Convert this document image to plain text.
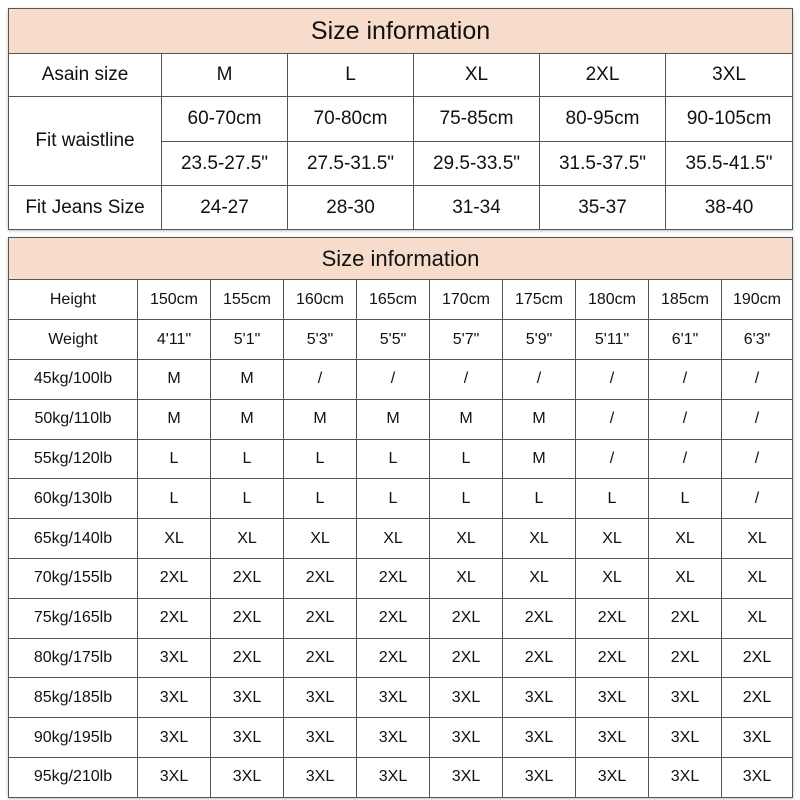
Size information					
Asain size	M	L	XL	2XL	3XL
Fit waistline	60-70cm	70-80cm	75-85cm	80-95cm	90-105cm
	23.5-27.5"	27.5-31.5"	29.5-33.5"	31.5-37.5"	35.5-41.5"
Fit Jeans Size	24-27	28-30	31-34	35-37	38-40
Size information									
Height	150cm	155cm	160cm	165cm	170cm	175cm	180cm	185cm	190cm
Weight	4'11"	5'1"	5'3"	5'5"	5'7"	5'9"	5'11"	6'1"	6'3"
45kg/100lb	M	M	/	/	/	/	/	/	/
50kg/110lb	M	M	M	M	M	M	/	/	/
55kg/120lb	L	L	L	L	L	M	/	/	/
60kg/130lb	L	L	L	L	L	L	L	L	/
65kg/140lb	XL	XL	XL	XL	XL	XL	XL	XL	XL
70kg/155lb	2XL	2XL	2XL	2XL	XL	XL	XL	XL	XL
75kg/165lb	2XL	2XL	2XL	2XL	2XL	2XL	2XL	2XL	XL
80kg/175lb	3XL	2XL	2XL	2XL	2XL	2XL	2XL	2XL	2XL
85kg/185lb	3XL	3XL	3XL	3XL	3XL	3XL	3XL	3XL	2XL
90kg/195lb	3XL	3XL	3XL	3XL	3XL	3XL	3XL	3XL	3XL
95kg/210lb	3XL	3XL	3XL	3XL	3XL	3XL	3XL	3XL	3XL
